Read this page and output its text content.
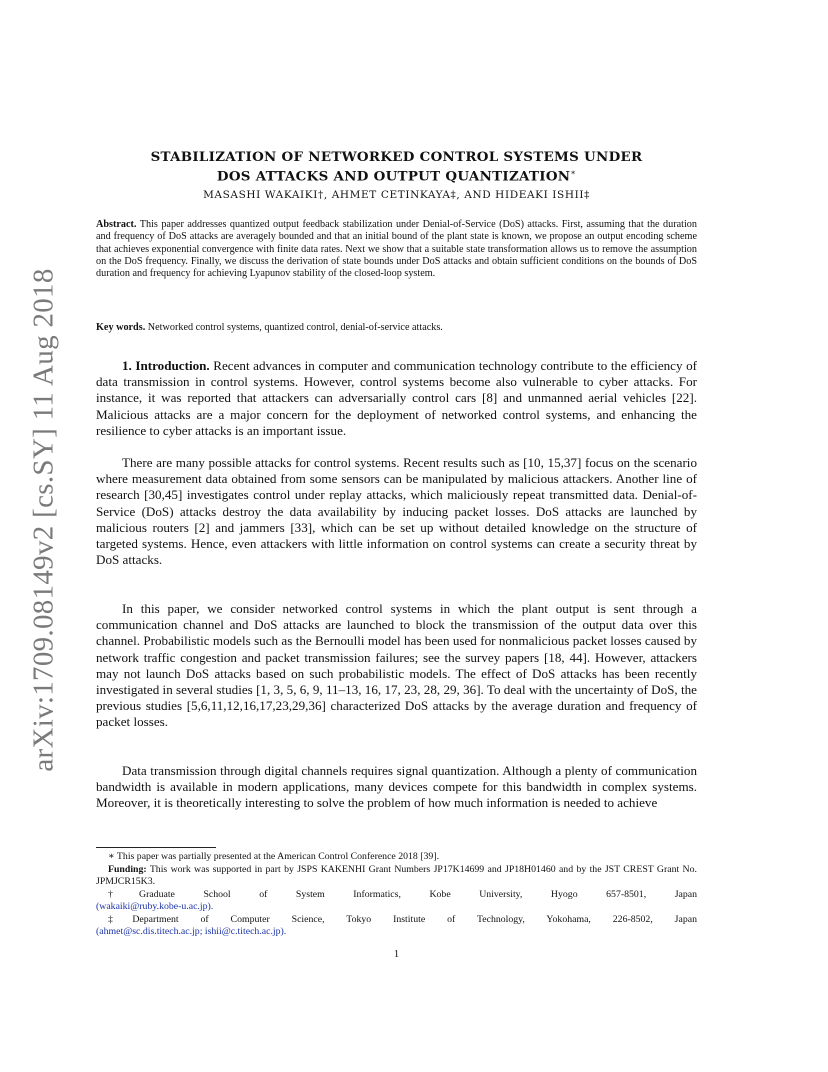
arXiv:1709.08149v2 [cs.SY] 11 Aug 2018
STABILIZATION OF NETWORKED CONTROL SYSTEMS UNDER
DOS ATTACKS AND OUTPUT QUANTIZATION∗
MASASHI WAKAIKI†, AHMET CETINKAYA‡, AND HIDEAKI ISHII‡
Abstract. This paper addresses quantized output feedback stabilization under Denial-of-Service (DoS) attacks. First, assuming that the duration and frequency of DoS attacks are averagely bounded and that an initial bound of the plant state is known, we propose an output encoding scheme that achieves exponential convergence with finite data rates. Next we show that a suitable state transformation allows us to remove the assumption on the DoS frequency. Finally, we discuss the derivation of state bounds under DoS attacks and obtain sufficient conditions on the bounds of DoS duration and frequency for achieving Lyapunov stability of the closed-loop system.
Key words. Networked control systems, quantized control, denial-of-service attacks.

1. Introduction. Recent advances in computer and communication technology contribute to the efficiency of data transmission in control systems. However, control systems become also vulnerable to cyber attacks. For instance, it was reported that attackers can adversarially control cars [8] and unmanned aerial vehicles [22]. Malicious attacks are a major concern for the deployment of networked control systems, and enhancing the resilience to cyber attacks is an important issue.

There are many possible attacks for control systems. Recent results such as [10, 15,37] focus on the scenario where measurement data obtained from some sensors can be manipulated by malicious attackers. Another line of research [30,45] investigates control under replay attacks, which maliciously repeat transmitted data. Denial-of-Service (DoS) attacks destroy the data availability by inducing packet losses. DoS attacks are launched by malicious routers [2] and jammers [33], which can be set up without detailed knowledge on the structure of targeted systems. Hence, even attackers with little information on control systems can create a security threat by DoS attacks.

In this paper, we consider networked control systems in which the plant output is sent through a communication channel and DoS attacks are launched to block the transmission of the output data over this channel. Probabilistic models such as the Bernoulli model has been used for nonmalicious packet losses caused by network traffic congestion and packet transmission failures; see the survey papers [18, 44]. However, attackers may not launch DoS attacks based on such probabilistic models. The effect of DoS attacks has been recently investigated in several studies [1, 3, 5, 6, 9, 11–13, 16, 17, 23, 28, 29, 36]. To deal with the uncertainty of DoS, the previous studies [5,6,11,12,16,17,23,29,36] characterized DoS attacks by the average duration and frequency of packet losses.

Data transmission through digital channels requires signal quantization. Although a plenty of communication bandwidth is available in modern applications, many devices compete for this bandwidth in complex systems. Moreover, it is theoretically interesting to solve the problem of how much information is needed to achieve

∗ This paper was partially presented at the American Control Conference 2018 [39].

Funding: This work was supported in part by JSPS KAKENHI Grant Numbers JP17K14699 and JP18H01460 and by the JST CREST Grant No. JPMJCR15K3.

†Graduate School of System Informatics, Kobe University, Hyogo 657-8501, Japan

(wakaiki@ruby.kobe-u.ac.jp).

‡Department of Computer Science, Tokyo Institute of Technology, Yokohama, 226-8502, Japan

(ahmet@sc.dis.titech.ac.jp; ishii@c.titech.ac.jp).
1
